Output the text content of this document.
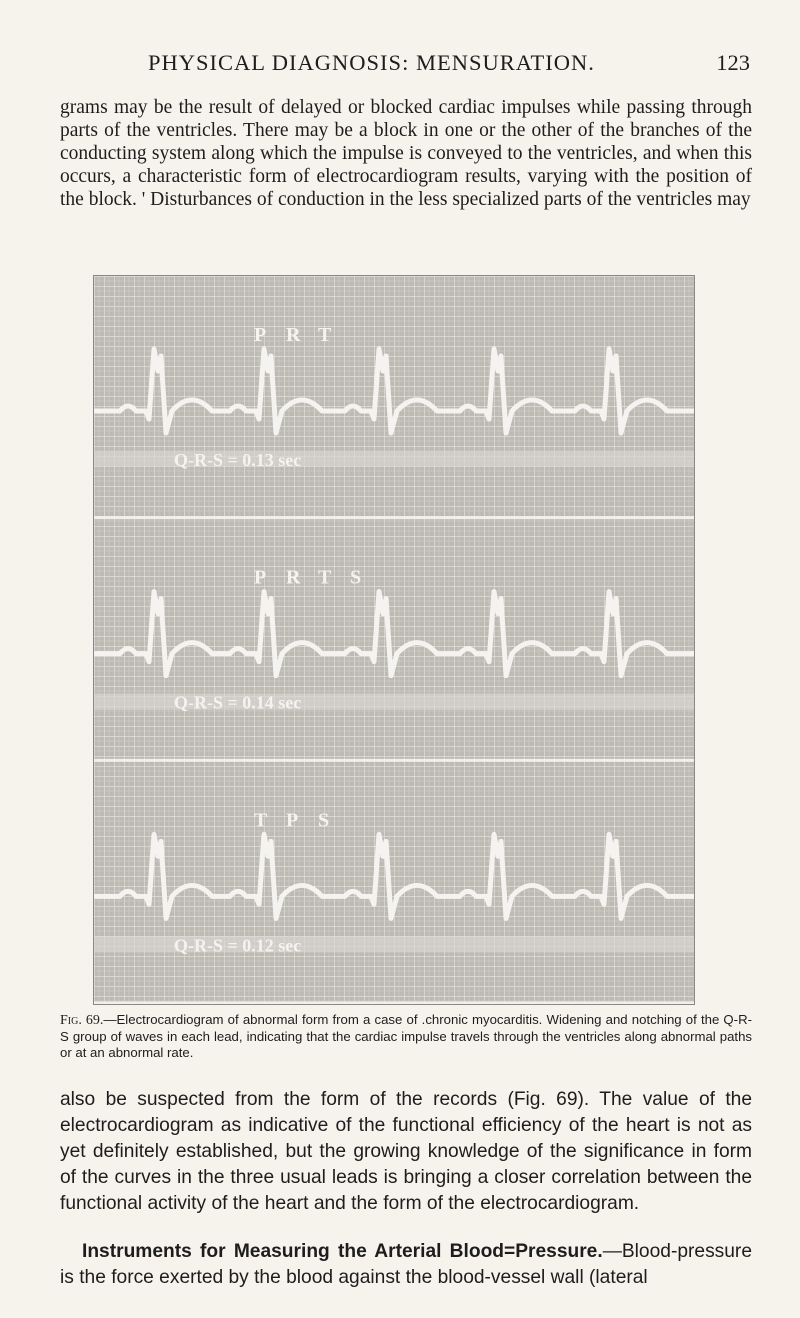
PHYSICAL DIAGNOSIS: MENSURATION.	123

grams may be the result of delayed or blocked cardiac impulses while passing through parts of the ventricles. There may be a block in one or the other of the branches of the conducting system along which the impulse is conveyed to the ventricles, and when this occurs, a characteristic form of electrocardiogram results, varying with the position of the block. ' Disturbances of conduction in the less specialized parts of the ventricles may

P R T
Q-R-S = 0.13 sec
P R T S
Q-R-S = 0.14 sec
T P S
Q-R-S = 0.12 sec

Fig. 69.—Electrocardiogram of abnormal form from a case of .chronic myocarditis. Widening and notching of the Q-R-S group of waves in each lead, indicating that the cardiac impulse travels through the ventricles along abnormal paths or at an abnormal rate.

also be suspected from the form of the records (Fig. 69). The value of the electrocardiogram as indicative of the functional efficiency of the heart is not as yet definitely established, but the growing knowledge of the significance in form of the curves in the three usual leads is bringing a closer correlation between the functional activity of the heart and the form of the electrocardiogram.

Instruments for Measuring the Arterial Blood=Pressure.—Blood-pressure is the force exerted by the blood against the blood-vessel wall (lateral
